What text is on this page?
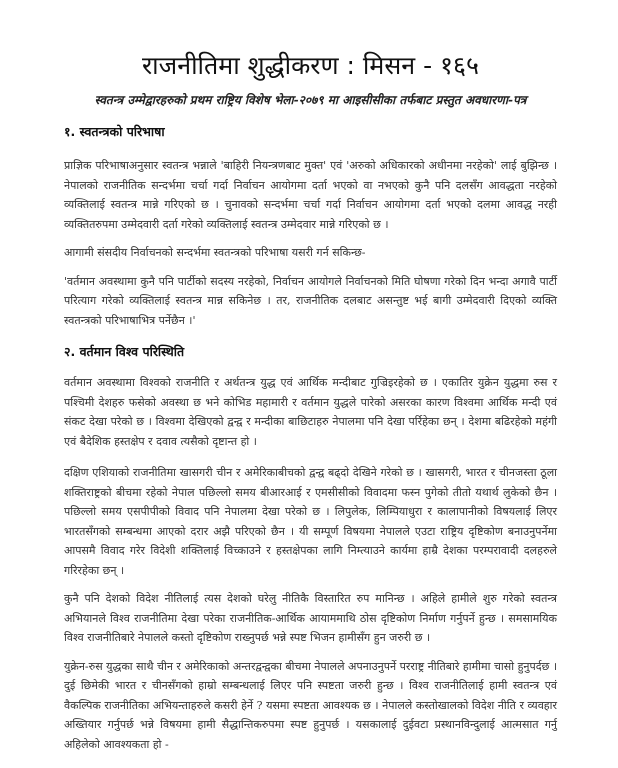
राजनीतिमा शुद्धीकरण : मिसन - १६५

स्वतन्त्र उम्मेद्वारहरुको प्रथम राष्ट्रिय विशेष भेला-२०७९ मा आइसीसीका तर्फबाट प्रस्तुत अवधारणा-पत्र

१. स्वतन्त्रको परिभाषा

प्राज्ञिक परिभाषाअनुसार स्वतन्त्र भन्नाले 'बाहिरी नियन्त्रणबाट मुक्त' एवं 'अरुको अधिकारको अधीनमा नरहेको' लाई बुझिन्छ । नेपालको राजनीतिक सन्दर्भमा चर्चा गर्दा निर्वाचन आयोगमा दर्ता भएको वा नभएको कुनै पनि दलसँग आवद्धता नरहेको व्यक्तिलाई स्वतन्त्र मान्ने गरिएको छ । चुनावको सन्दर्भमा चर्चा गर्दा निर्वाचन आयोगमा दर्ता भएको दलमा आवद्ध नरही व्यक्तितरुपमा उम्मेदवारी दर्ता गरेको व्यक्तिलाई स्वतन्त्र उम्मेदवार मान्ने गरिएको छ ।

आगामी संसदीय निर्वाचनको सन्दर्भमा स्वतन्त्रको परिभाषा यसरी गर्न सकिन्छ-

'वर्तमान अवस्थामा कुनै पनि पार्टीको सदस्य नरहेको, निर्वाचन आयोगले निर्वाचनको मिति घोषणा गरेको दिन भन्दा अगावै पार्टी परित्याग गरेको व्यक्तिलाई स्वतन्त्र मान्न सकिनेछ । तर, राजनीतिक दलबाट असन्तुष्ट भई बागी उम्मेदवारी दिएको व्यक्ति स्वतन्त्रको परिभाषाभित्र पर्नेछैन ।'

२. वर्तमान विश्व परिस्थिति

वर्तमान अवस्थामा विश्वको राजनीति र अर्थतन्त्र युद्ध एवं आर्थिक मन्दीबाट गुज्रिइरहेको छ । एकातिर युक्रेन युद्धमा रुस र पश्चिमी देशहरु फसेको अवस्था छ भने कोभिड महामारी र वर्तमान युद्धले पारेको असरका कारण विश्वमा आर्थिक मन्दी एवं संकट देखा परेको छ । विश्वमा देखिएको द्वन्द्व र मन्दीका बाछिटाहरु नेपालमा पनि देखा पर्रिहेका छन् । देशमा बढिरहेको महंगी एवं बैदेशिक हस्तक्षेप र दवाव त्यसैको दृष्टान्त हो ।

दक्षिण एशियाको राजनीतिमा खासगरी चीन र अमेरिकाबीचको द्वन्द्व बढ्दो देखिने गरेको छ । खासगरी, भारत र चीनजस्ता ठूला शक्तिराष्ट्रको बीचमा रहेको नेपाल पछिल्लो समय बीआरआई र एमसीसीको विवादमा फस्न पुगेको तीतो यथार्थ लुकेको छैन । पछिल्लो समय एसपीपीको विवाद पनि नेपालमा देखा परेको छ । लिपुलेक, लिम्पियाधुरा र कालापानीको विषयलाई लिएर भारतसँगको सम्बन्धमा आएको दरार अझै परिएको छैन । यी सम्पूर्ण विषयमा नेपालले एउटा राष्ट्रिय दृष्टिकोण बनाउनुपर्नेमा आपसमै विवाद गरेर विदेशी शक्तिलाई विच्काउने र हस्तक्षेपका लागि निम्त्याउने कार्यमा हाम्रै देशका परम्परावादी दलहरुले गरिरहेका छन् ।

कुनै पनि देशको विदेश नीतिलाई त्यस देशको घरेलु नीतिकै विस्तारित रुप मानिन्छ । अहिले हामीले शुरु गरेको स्वतन्त्र अभियानले विश्व राजनीतिमा देखा परेका राजनीतिक-आर्थिक आयाममाथि ठोस दृष्टिकोण निर्माण गर्नुपर्ने हुन्छ । समसामयिक विश्व राजनीतिबारे नेपालले कस्तो दृष्टिकोण राख्नुपर्छ भन्ने स्पष्ट भिजन हामीसँग हुन जरुरी छ ।

युक्रेन-रुस युद्धका साथै चीन र अमेरिकाको अन्तरद्वन्द्वका बीचमा नेपालले अपनाउनुपर्ने परराष्ट्र नीतिबारे हामीमा चासो हुनुपर्दछ । दुई छिमेकी भारत र चीनसँगको हाम्रो सम्बन्धलाई लिएर पनि स्पष्टता जरुरी हुन्छ । विश्व राजनीतिलाई हामी स्वतन्त्र एवं वैकल्पिक राजनीतिका अभियन्ताहरुले कसरी हेर्ने ? यसमा स्पष्टता आवश्यक छ । नेपालले कस्तोखालको विदेश नीति र व्यवहार अख्तियार गर्नुपर्छ भन्ने विषयमा हामी सैद्धान्तिकरुपमा स्पष्ट हुनुपर्छ । यसकालाई दुईवटा प्रस्थानविन्दुलाई आत्मसात गर्नु अहिलेको आवश्यकता हो -
